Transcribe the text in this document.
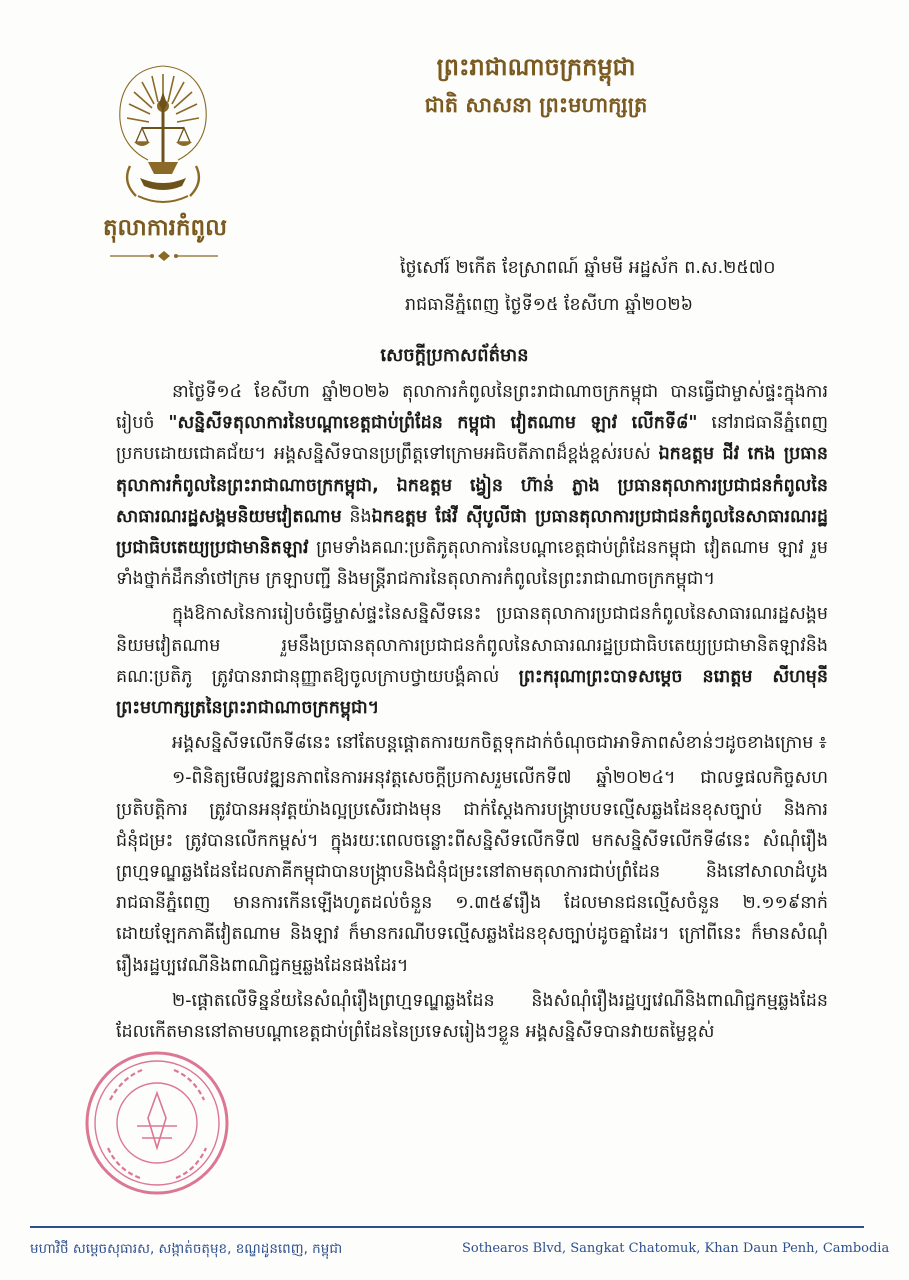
តុលាការកំពូល
ព្រះរាជាណាចក្រកម្ពុជា
ជាតិ សាសនា ព្រះមហាក្សត្រ
ថ្ងៃសៅរ៍ ២កើត ខែស្រាពណ៍ ឆ្នាំមមី អដ្ឋស័ក ព.ស.២៥៧០
រាជធានីភ្នំពេញ ថ្ងៃទី១៥ ខែសីហា ឆ្នាំ២០២៦
សេចក្ដីប្រកាសព័ត៌មាន

នាថ្ងៃទី១៤ ខែសីហា ឆ្នាំ២០២៦ តុលាការកំពូលនៃព្រះរាជាណាចក្រកម្ពុជា បានធ្វើជាម្ចាស់ផ្ទះក្នុងការរៀបចំ "សន្និសីទតុលាការនៃបណ្ដាខេត្តជាប់ព្រំដែន កម្ពុជា វៀតណាម ឡាវ លើកទី៨" នៅរាជធានីភ្នំពេញប្រកបដោយជោគជ័យ។ អង្គសន្និសីទបានប្រព្រឹត្តទៅក្រោមអធិបតីភាពដ៏ខ្ពង់ខ្ពស់របស់ ឯកឧត្តម ជីវ កេង ប្រធានតុលាការកំពូលនៃព្រះរាជាណាចក្រកម្ពុជា, ឯកឧត្តម ង្វៀន ហ៊ាន់ ភ្លាង ប្រធានតុលាការប្រជាជនកំពូលនៃសាធារណរដ្ឋសង្គមនិយមវៀតណាម និងឯកឧត្តម ផែវី ស៊ីបូលីផា ប្រធានតុលាការប្រជាជនកំពូលនៃសាធារណរដ្ឋប្រជាធិបតេយ្យប្រជាមានិតឡាវ ព្រមទាំងគណៈប្រតិភូតុលាការនៃបណ្ដាខេត្តជាប់ព្រំដែនកម្ពុជា វៀតណាម ឡាវ រួមទាំងថ្នាក់ដឹកនាំថៅក្រម ក្រឡាបញ្ជី និងមន្ត្រីរាជការនៃតុលាការកំពូលនៃព្រះរាជាណាចក្រកម្ពុជា។

ក្នុងឱកាសនៃការរៀបចំធ្វើម្ចាស់ផ្ទះនៃសន្និសីទនេះ ប្រធានតុលាការប្រជាជនកំពូលនៃសាធារណរដ្ឋសង្គមនិយមវៀតណាម រួមនឹងប្រធានតុលាការប្រជាជនកំពូលនៃសាធារណរដ្ឋប្រជាធិបតេយ្យប្រជាមានិតឡាវនិងគណៈប្រតិភូ ត្រូវបានរាជានុញ្ញាតឱ្យចូលក្រាបថ្វាយបង្គំគាល់ ព្រះករុណាព្រះបាទសម្ដេច នរោត្តម សីហមុនី ព្រះមហាក្សត្រនៃព្រះរាជាណាចក្រកម្ពុជា។

អង្គសន្និសីទលើកទី៨នេះ នៅតែបន្តផ្ដោតការយកចិត្តទុកដាក់ចំណុចជាអាទិភាពសំខាន់ៗដូចខាងក្រោម ៖

១-ពិនិត្យមើលវឌ្ឍនភាពនៃការអនុវត្តសេចក្ដីប្រកាសរួមលើកទី៧ ឆ្នាំ២០២៤។ ជាលទ្ធផលកិច្ចសហប្រតិបត្តិការ ត្រូវបានអនុវត្តយ៉ាងល្អប្រសើរជាងមុន ជាក់ស្ដែងការបង្ក្រាបបទល្មើសឆ្លងដែនខុសច្បាប់ និងការជំនុំជម្រះ ត្រូវបានលើកកម្ពស់។ ក្នុងរយៈពេលចន្លោះពីសន្និសីទលើកទី៧ មកសន្និសីទលើកទី៨នេះ សំណុំរឿងព្រហ្មទណ្ឌឆ្លងដែនដែលភាគីកម្ពុជាបានបង្ក្រាបនិងជំនុំជម្រះនៅតាមតុលាការជាប់ព្រំដែន និងនៅសាលាដំបូងរាជធានីភ្នំពេញ មានការកើនឡើងហូតដល់ចំនួន ១.៣៥៩រឿង ដែលមានជនល្មើសចំនួន ២.១១៩នាក់ ដោយឡែកភាគីវៀតណាម និងឡាវ ក៏មានករណីបទល្មើសឆ្លងដែនខុសច្បាប់ដូចគ្នាដែរ។ ក្រៅពីនេះ ក៏មានសំណុំរឿងរដ្ឋប្បវេណីនិងពាណិជ្ជកម្មឆ្លងដែនផងដែរ។

២-ផ្ដោតលើទិន្នន័យនៃសំណុំរឿងព្រហ្មទណ្ឌឆ្លងដែន និងសំណុំរឿងរដ្ឋប្បវេណីនិងពាណិជ្ជកម្មឆ្លងដែន ដែលកើតមាននៅតាមបណ្ដាខេត្តជាប់ព្រំដែននៃប្រទេសរៀងៗខ្លួន អង្គសន្និសីទបានវាយតម្លៃខ្ពស់

មហាវិថី សម្ដេចសុធារស, សង្កាត់ចតុមុខ, ខណ្ឌដូនពេញ, កម្ពុជា	Sothearos Blvd, Sangkat Chatomuk, Khan Daun Penh, Cambodia
